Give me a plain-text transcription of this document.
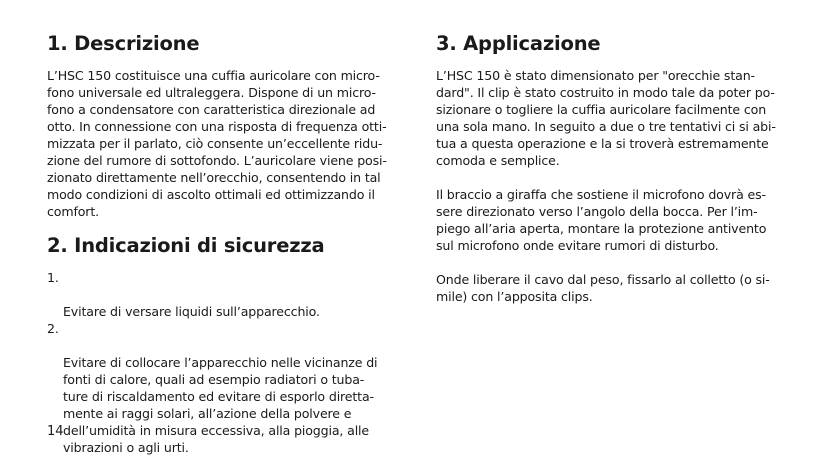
1. Descrizione

L’HSC 150 costituisce una cuffia auricolare con micro-
fono universale ed ultraleggera. Dispone di un micro-
fono a condensatore con caratteristica direzionale ad
otto. In connessione con una risposta di frequenza otti-
mizzata per il parlato, ciò consente un’eccellente ridu-
zione del rumore di sottofondo. L’auricolare viene posi-
zionato direttamente nell’orecchio, consentendo in tal
modo condizioni di ascolto ottimali ed ottimizzando il
comfort.

2. Indicazioni di sicurezza

1.

Evitare di versare liquidi sull’apparecchio.

2.

Evitare di collocare l’apparecchio nelle vicinanze di
fonti di calore, quali ad esempio radiatori o tuba-
ture di riscaldamento ed evitare di esporlo diretta-
mente ai raggi solari, all’azione della polvere e
dell’umidità in misura eccessiva, alla pioggia, alle
vibrazioni o agli urti.

3. Applicazione

L’HSC 150 è stato dimensionato per "orecchie stan-
dard". Il clip è stato costruito in modo tale da poter po-
sizionare o togliere la cuffia auricolare facilmente con
una sola mano. In seguito a due o tre tentativi ci si abi-
tua a questa operazione e la si troverà estremamente
comoda e semplice.

Il braccio a giraffa che sostiene il microfono dovrà es-
sere direzionato verso l’angolo della bocca. Per l’im-
piego all’aria aperta, montare la protezione antivento
sul microfono onde evitare rumori di disturbo.

Onde liberare il cavo dal peso, fissarlo al colletto (o si-
mile) con l’apposita clips.

14
